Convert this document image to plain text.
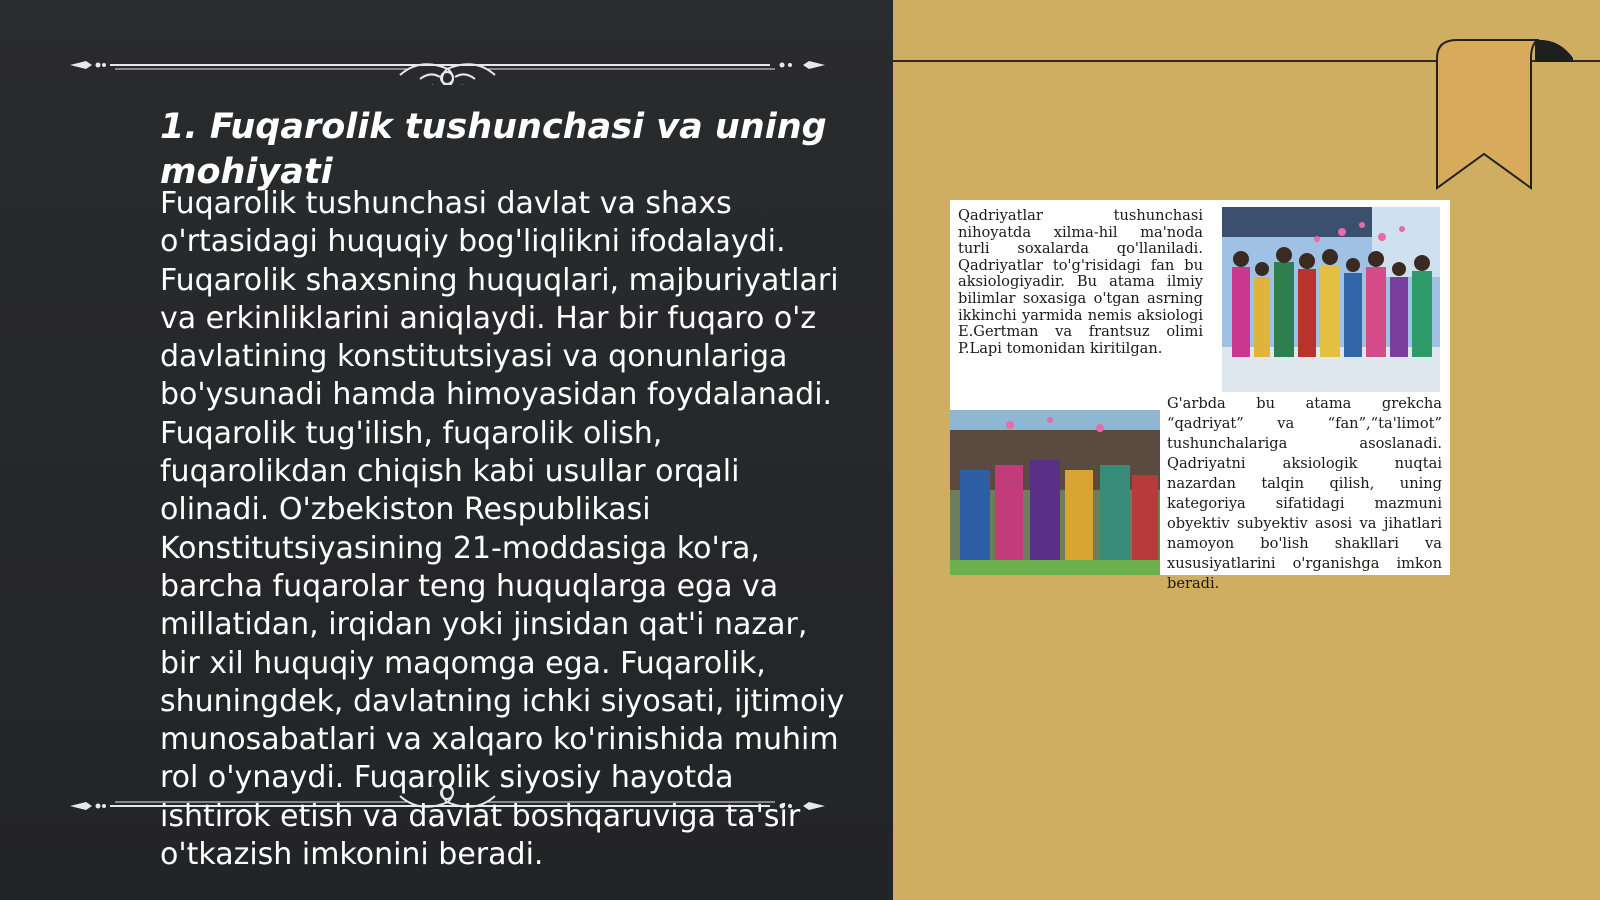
1. Fuqarolik tushunchasi va uning mohiyati

Fuqarolik tushunchasi davlat va shaxs o'rtasidagi huquqiy bog'liqlikni ifodalaydi. Fuqarolik shaxsning huquqlari, majburiyatlari va erkinliklarini aniqlaydi. Har bir fuqaro o'z davlatining konstitutsiyasi va qonunlariga bo'ysunadi hamda himoyasidan foydalanadi. Fuqarolik tug'ilish, fuqarolik olish, fuqarolikdan chiqish kabi usullar orqali olinadi. O'zbekiston Respublikasi Konstitutsiyasining 21-moddasiga ko'ra, barcha fuqarolar teng huquqlarga ega va millatidan, irqidan yoki jinsidan qat'i nazar, bir xil huquqiy maqomga ega. Fuqarolik, shuningdek, davlatning ichki siyosati, ijtimoiy munosabatlari va xalqaro ko'rinishida muhim rol o'ynaydi. Fuqarolik siyosiy hayotda ishtirok etish va davlat boshqaruviga ta'sir o'tkazish imkonini beradi.

Qadriyatlar tushunchasi nihoyatda xilma-hil ma'noda turli soxalarda qo'llaniladi. Qadriyatlar to'g'risidagi fan bu aksiologiyadir. Bu atama ilmiy bilimlar soxasiga o'tgan asrning ikkinchi yarmida nemis aksiologi E.Gertman va frantsuz olimi P.Lapi tomonidan kiritilgan.

G'arbda bu atama grekcha “qadriyat” va “fan”,“ta'limot” tushunchalariga asoslanadi. Qadriyatni aksiologik nuqtai nazardan talqin qilish, uning kategoriya sifatidagi mazmuni obyektiv subyektiv asosi va jihatlari namoyon bo'lish shakllari va xususiyatlarini o'rganishga imkon beradi.
